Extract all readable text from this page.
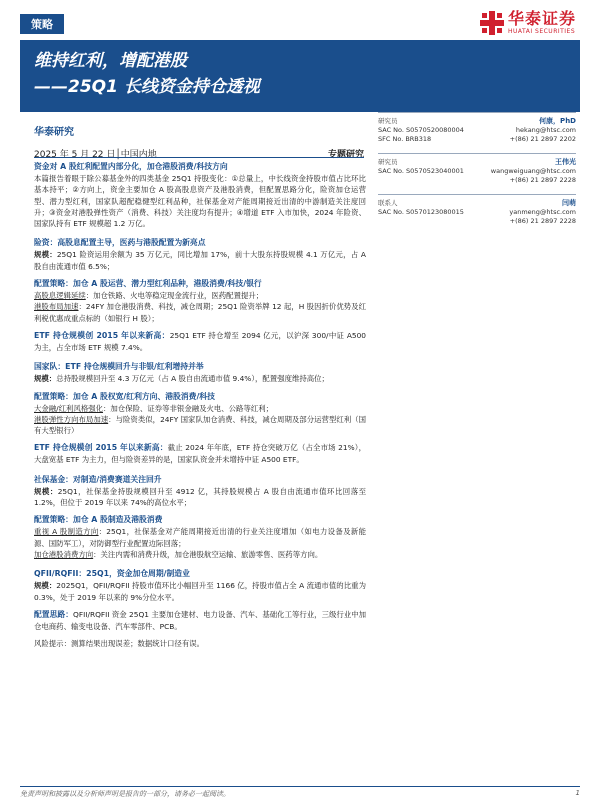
策略	华泰证券
HUATAI SECURITIES
维持红利，增配港股
——25Q1 长线资金持仓透视
华泰研究
2025 年 5 月 22 日│中国内地	专题研究
研究员	何康，PhD
SAC No. S0570520080004	hekang@htsc.com
SFC No. BRB318	+(86) 21 2897 2202
研究员	王伟光
SAC No. S0570523040001	wangweiguang@htsc.com
+(86) 21 2897 2228
联系人	闫萌
SAC No. S0570123080015	yanmeng@htsc.com
+(86) 21 2897 2228
资金对 A 股红利配置内部分化，加仓港股消费/科技方向
本篇报告着眼于除公募基金外的四类基金 25Q1 持股变化：①总量上，中长线资金持股市值占比环比基本持平；②方向上，资金主要加仓 A 股高股息资产及港股消费，但配置思路分化，险资加仓运营型、潜力型红利，国家队超配稳健型红利品种，社保基金对产能周期接近出清的中游制造关注度回升；③资金对港股弹性资产（消费、科技）关注度均有提升；④增道 ETF 入市加快，2024 年险资、国家队持有 ETF 规模超 1.2 万亿。
险资：高股息配置主导，医药与港股配置为新亮点
规模：25Q1 险资运用余额为 35 万亿元，同比增加 17%，前十大股东持股规模 4.1 万亿元，占 A 股自由流通市值 6.5%；
配置策略：加仓 A 股运营、潜力型红利品种，港股消费/科技/银行
高股息逻辑延续：加仓铁路、火电等稳定现金流行业，医药配置提升；
港股布局加速：24FY 加仓港股消费、科技，减仓周期；25Q1 险资举牌 12 起，H 股因折价优势及红利税优惠成重点标的（如银行 H 股）；
ETF 持仓规模创 2015 年以来新高：25Q1 ETF 持仓增至 2094 亿元，以沪深 300/中证 A500 为主，占全市场 ETF 规模 7.4%。
国家队：ETF 持仓规模回升与非银/红利增持并举
规模：总持股规模回升至 4.3 万亿元（占 A 股自由流通市值 9.4%），配置强度维持高位；
配置策略：加仓 A 股权宽/红利方向、港股消费/科技
大金融/红利风格强化：加仓保险、证券等非银金融及火电、公路等红利；
港股弹性方向布局加速：与险资类似，24FY 国家队加仓消费、科技，减仓周期及部分运营型红利（国有大型银行）
ETF 持仓规模创 2015 年以来新高：截止 2024 年年底，ETF 持仓突破万亿（占全市场 21%），大盘宽基 ETF 为主力，但与险资差异的是，国家队资金并未增持中证 A500 ETF。
社保基金：对制造/消费赛道关注回升
规模：25Q1，社保基金持股规模回升至 4912 亿，其持股规模占 A 股自由流通市值环比回落至 1.2%，但位于 2019 年以来 74%的高位水平；
配置策略：加仓 A 股制造及港股消费
重视 A 股制造方向：25Q1，社保基金对产能周期接近出清的行业关注度增加（如电力设备及新能源、国防军工），对防御型行业配置边际回落；
加仓港股消费方向：关注内需和消费升级，加仓港股航空运输、旅游零售、医药等方向。
QFII/RQFII：25Q1，资金加仓周期/制造业
规模：2025Q1，QFII/RQFII 持股市值环比小幅回升至 1166 亿，持股市值占全 A 流通市值的比重为 0.3%，处于 2019 年以来的 9%分位水平。
配置思路：QFII/RQFII 资金 25Q1 主要加仓建材、电力设备、汽车、基础化工等行业，三级行业中加仓电商药、输变电设备、汽车零部件、PCB。
风险提示：测算结果出现误差；数据统计口径有误。
免责声明和披露以及分析师声明是报告的一部分，请务必一起阅读。	1
